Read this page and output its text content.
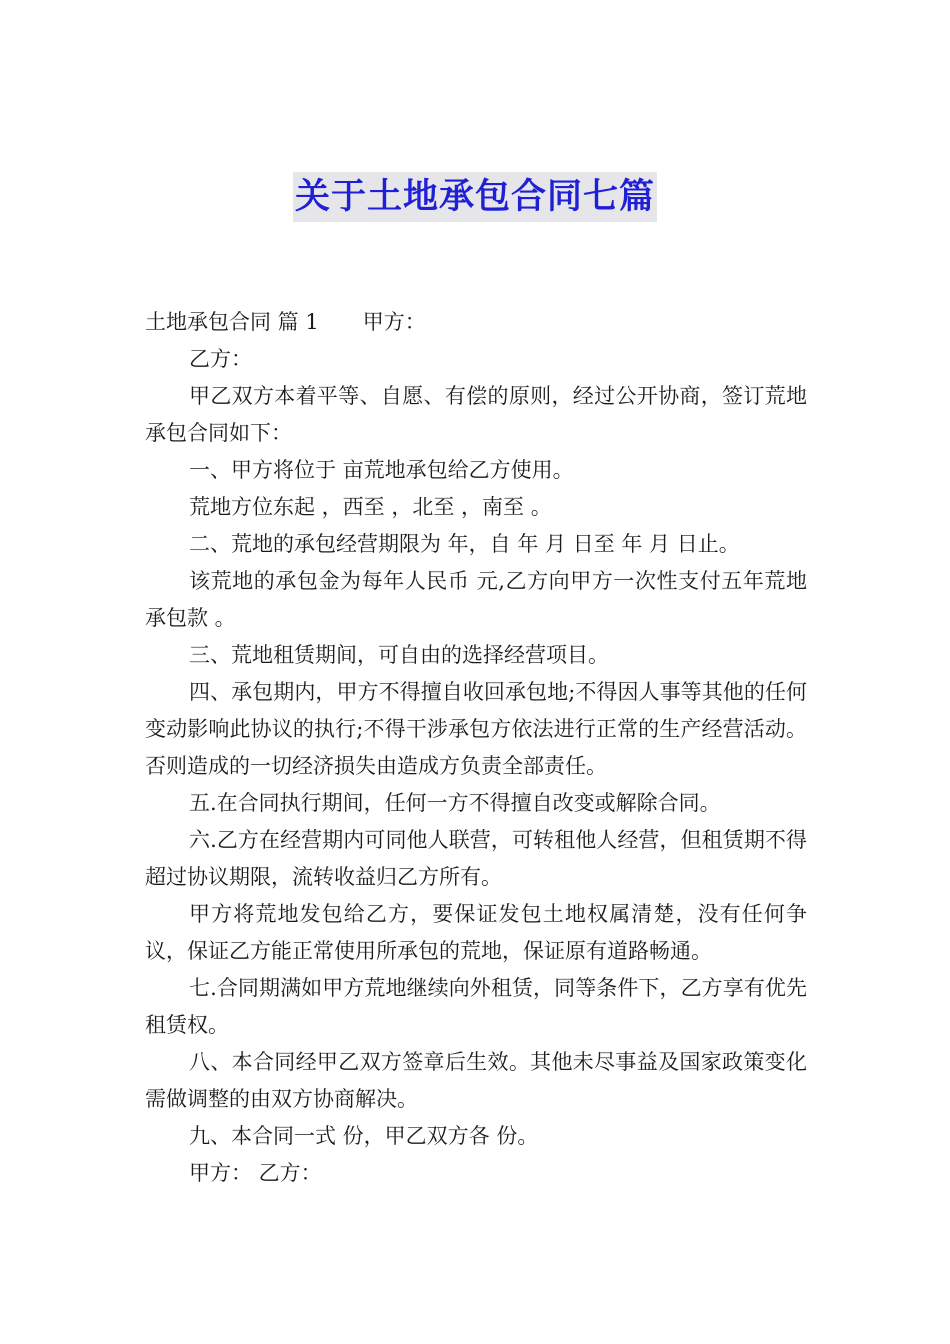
关于土地承包合同七篇

土地承包合同 篇 1 甲方：

乙方：

甲乙双方本着平等、自愿、有偿的原则，经过公开协商，签订荒地承包合同如下：

一、甲方将位于 亩荒地承包给乙方使用。

荒地方位东起 ，西至 ，北至 ，南至 。

二、荒地的承包经营期限为 年，自 年 月 日至 年 月 日止。

该荒地的承包金为每年人民币 元,乙方向甲方一次性支付五年荒地承包款 。

三、荒地租赁期间，可自由的选择经营项目。

四、承包期内，甲方不得擅自收回承包地;不得因人事等其他的任何变动影响此协议的执行;不得干涉承包方依法进行正常的生产经营活动。否则造成的一切经济损失由造成方负责全部责任。

五.在合同执行期间，任何一方不得擅自改变或解除合同。

六.乙方在经营期内可同他人联营，可转租他人经营，但租赁期不得超过协议期限，流转收益归乙方所有。

甲方将荒地发包给乙方，要保证发包土地权属清楚，没有任何争议，保证乙方能正常使用所承包的荒地，保证原有道路畅通。

七.合同期满如甲方荒地继续向外租赁，同等条件下，乙方享有优先租赁权。

八、本合同经甲乙双方签章后生效。其他未尽事益及国家政策变化需做调整的由双方协商解决。

九、本合同一式 份，甲乙双方各 份。

甲方： 乙方：
